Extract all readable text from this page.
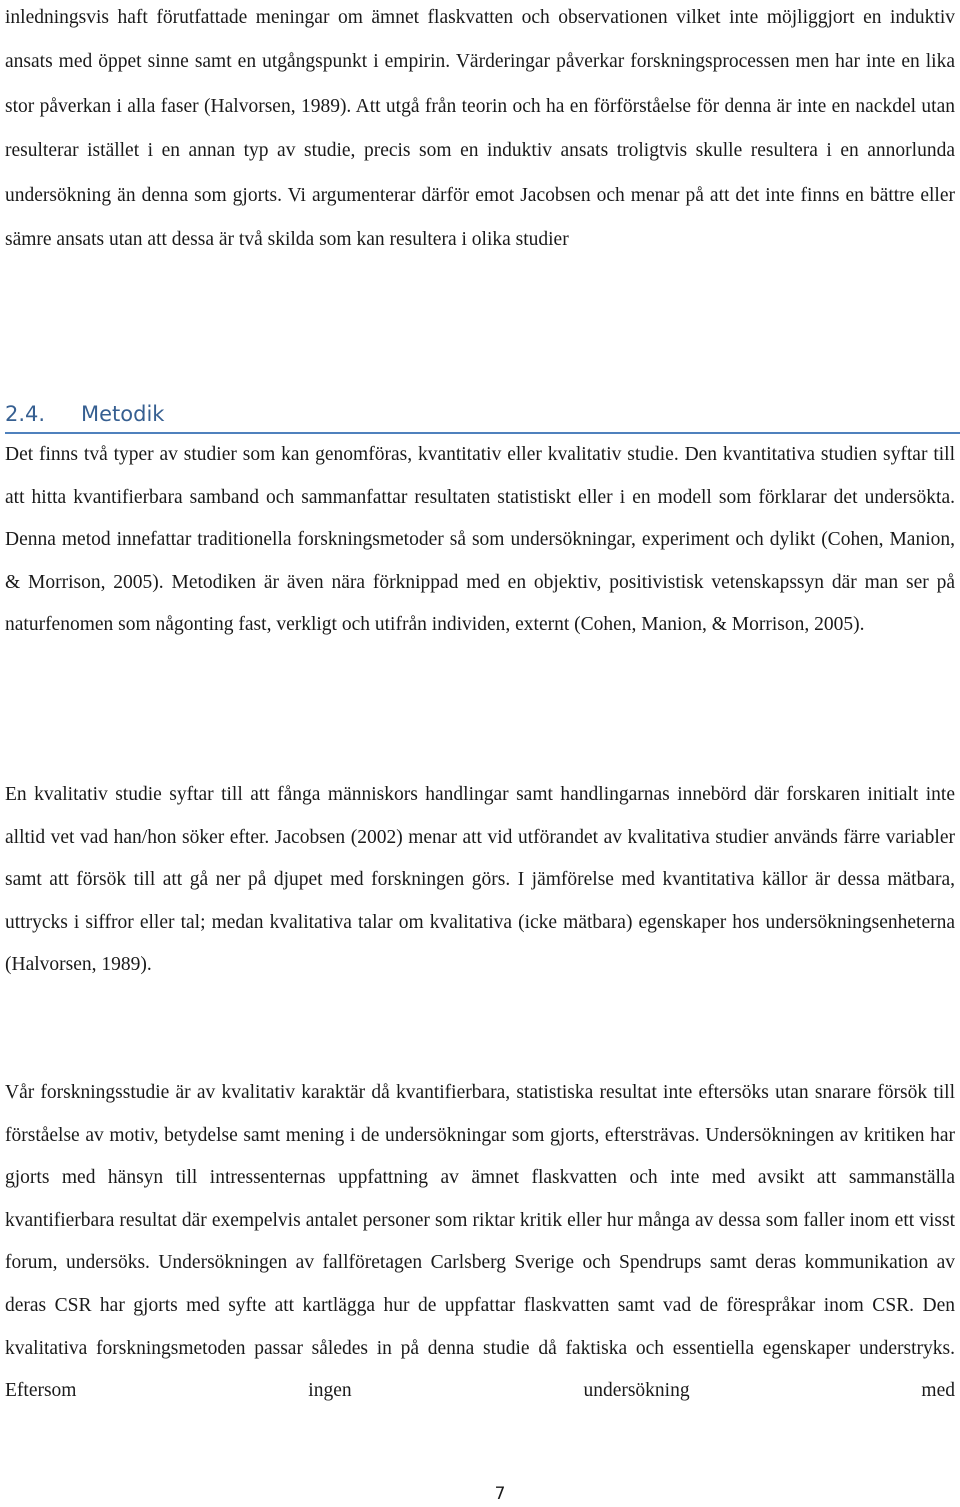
inledningsvis haft förutfattade meningar om ämnet flaskvatten och observationen vilket inte möjliggjort en induktiv ansats med öppet sinne samt en utgångspunkt i empirin. Värderingar påverkar forskningsprocessen men har inte en lika stor påverkan i alla faser (Halvorsen, 1989). Att utgå från teorin och ha en förförståelse för denna är inte en nackdel utan resulterar istället i en annan typ av studie, precis som en induktiv ansats troligtvis skulle resultera i en annorlunda undersökning än denna som gjorts. Vi argumenterar därför emot Jacobsen och menar på att det inte finns en bättre eller sämre ansats utan att dessa är två skilda som kan resultera i olika studier

2.4. Metodik

Det finns två typer av studier som kan genomföras, kvantitativ eller kvalitativ studie. Den kvantitativa studien syftar till att hitta kvantifierbara samband och sammanfattar resultaten statistiskt eller i en modell som förklarar det undersökta. Denna metod innefattar traditionella forskningsmetoder så som undersökningar, experiment och dylikt (Cohen, Manion, & Morrison, 2005). Metodiken är även nära förknippad med en objektiv, positivistisk vetenskapssyn där man ser på naturfenomen som någonting fast, verkligt och utifrån individen, externt (Cohen, Manion, & Morrison, 2005).

En kvalitativ studie syftar till att fånga människors handlingar samt handlingarnas innebörd där forskaren initialt inte alltid vet vad han/hon söker efter. Jacobsen (2002) menar att vid utförandet av kvalitativa studier används färre variabler samt att försök till att gå ner på djupet med forskningen görs. I jämförelse med kvantitativa källor är dessa mätbara, uttrycks i siffror eller tal; medan kvalitativa talar om kvalitativa (icke mätbara) egenskaper hos undersökningsenheterna (Halvorsen, 1989).

Vår forskningsstudie är av kvalitativ karaktär då kvantifierbara, statistiska resultat inte eftersöks utan snarare försök till förståelse av motiv, betydelse samt mening i de undersökningar som gjorts, eftersträvas. Undersökningen av kritiken har gjorts med hänsyn till intressenternas uppfattning av ämnet flaskvatten och inte med avsikt att sammanställa kvantifierbara resultat där exempelvis antalet personer som riktar kritik eller hur många av dessa som faller inom ett visst forum, undersöks. Undersökningen av fallföretagen Carlsberg Sverige och Spendrups samt deras kommunikation av deras CSR har gjorts med syfte att kartlägga hur de uppfattar flaskvatten samt vad de förespråkar inom CSR. Den kvalitativa forskningsmetoden passar således in på denna studie då faktiska och essentiella egenskaper understryks. Eftersom ingen undersökning med

7
